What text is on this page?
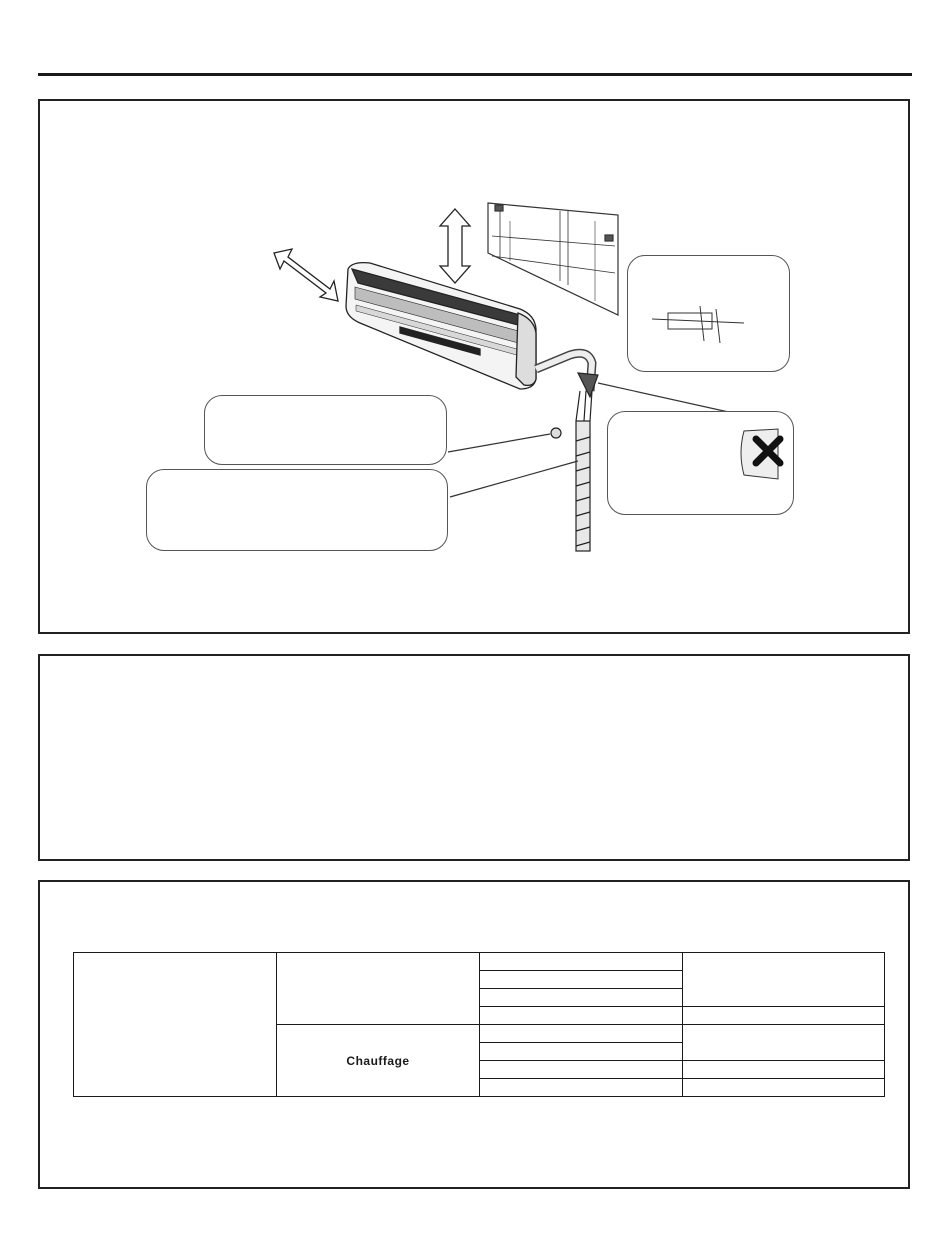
	Chauffage		
